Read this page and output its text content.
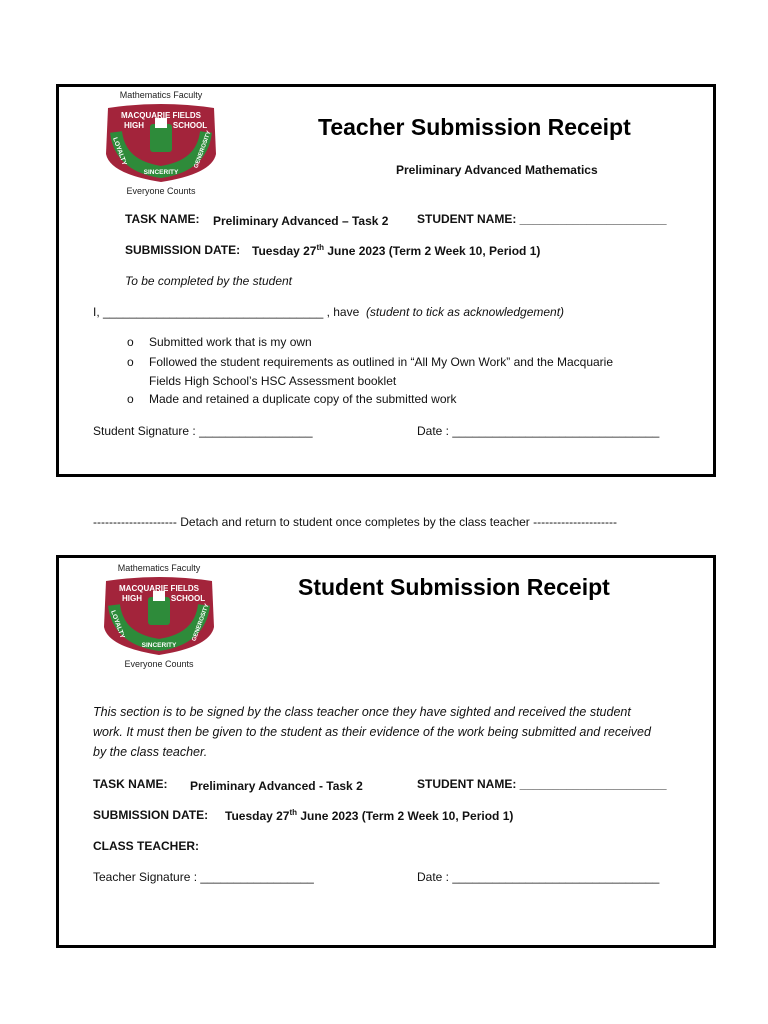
Mathematics Faculty
MACQUARIE FIELDS
HIGH	SCHOOL
LOYALTY
SINCERITY
GENEROSITY
Everyone Counts
Teacher Submission Receipt
Preliminary Advanced Mathematics
TASK NAME: Preliminary Advanced – Task 2 STUDENT NAME: ______________________
SUBMISSION DATE: Tuesday 27th June 2023 (Term 2 Week 10, Period 1)
To be completed by the student
I, _________________________________ , have (student to tick as acknowledgement)
o Submitted work that is my own
o Followed the student requirements as outlined in “All My Own Work” and the Macquarie
Fields High School’s HSC Assessment booklet
o Made and retained a duplicate copy of the submitted work
Student Signature : _________________	Date : _______________________________
--------------------- Detach and return to student once completes by the class teacher ---------------------
Mathematics Faculty
MACQUARIE FIELDS
HIGH	SCHOOL
LOYALTY
SINCERITY
GENEROSITY
Everyone Counts
Student Submission Receipt
This section is to be signed by the class teacher once they have sighted and received the student work. It must then be given to the student as their evidence of the work being submitted and received by the class teacher.
TASK NAME: Preliminary Advanced - Task 2	STUDENT NAME: ______________________
SUBMISSION DATE: Tuesday 27th June 2023 (Term 2 Week 10, Period 1)
CLASS TEACHER:
Teacher Signature : _________________	Date : _______________________________
